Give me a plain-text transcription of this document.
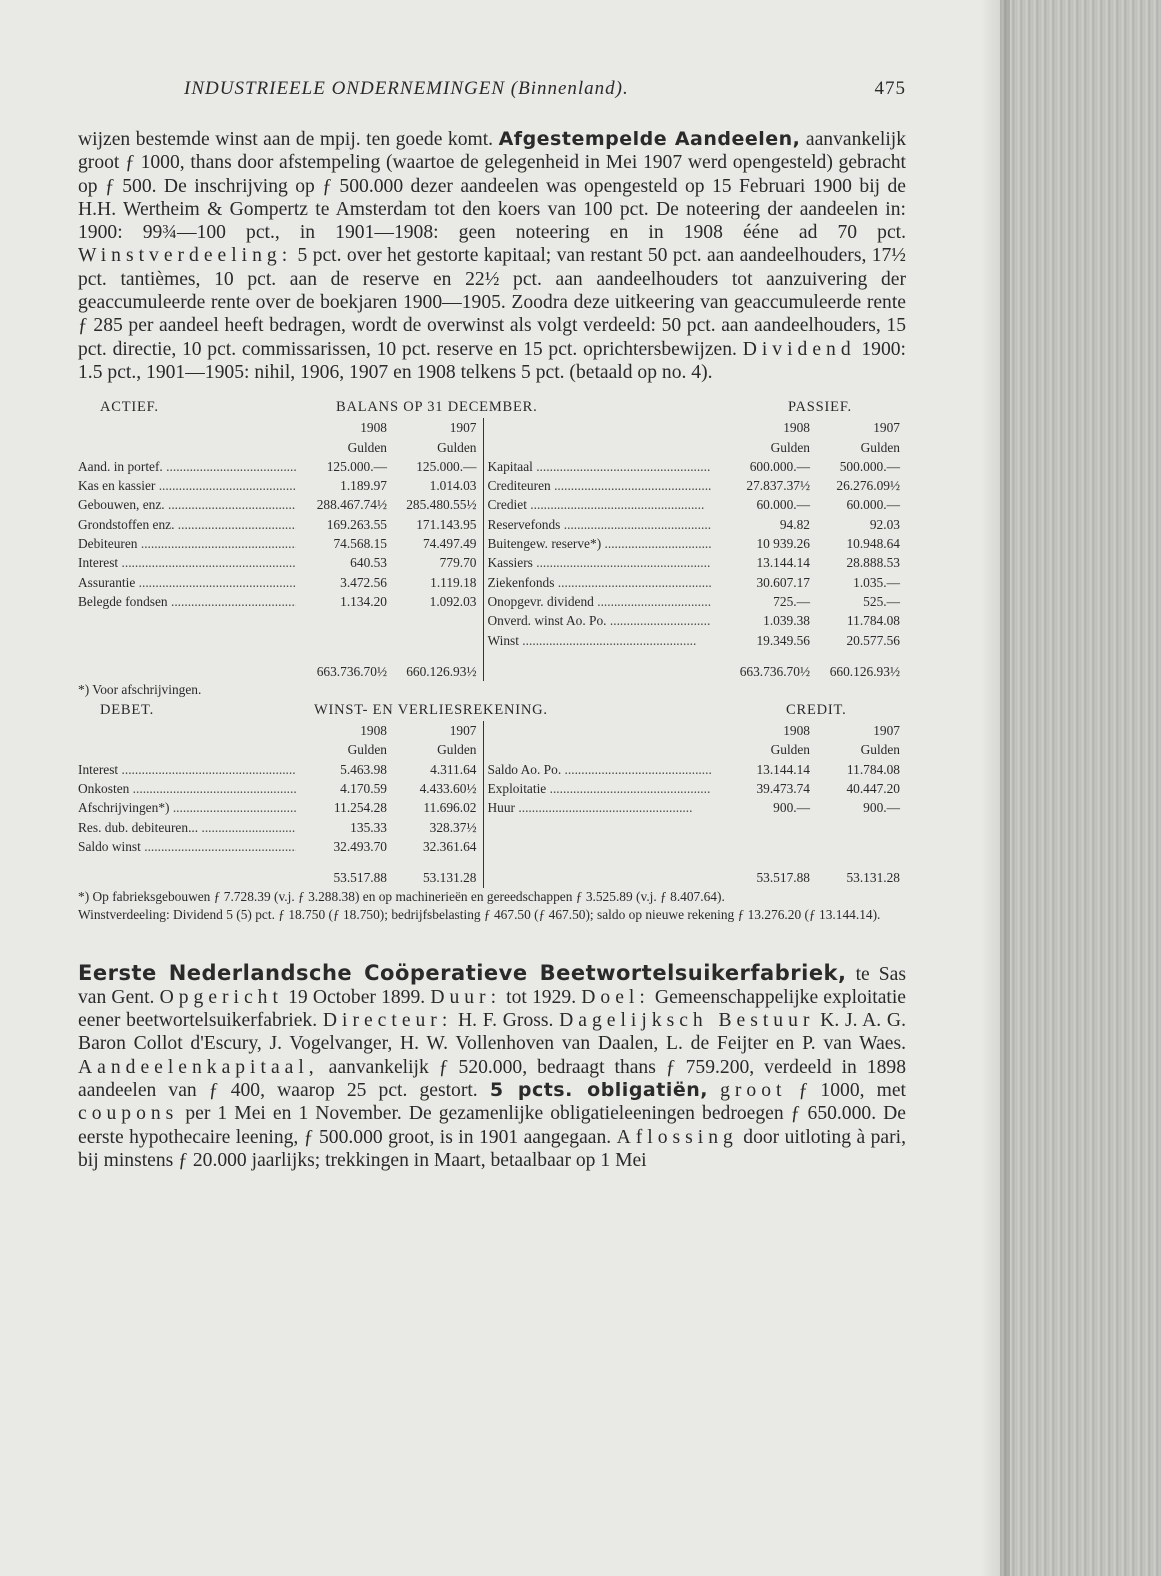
INDUSTRIEELE ONDERNEMINGEN (Binnenland).	475

wijzen bestemde winst aan de mpij. ten goede komt. Afgestempelde Aandeelen, aanvankelijk groot ƒ 1000, thans door afstempeling (waartoe de gelegenheid in Mei 1907 werd opengesteld) gebracht op ƒ 500. De inschrijving op ƒ 500.000 dezer aandeelen was opengesteld op 15 Februari 1900 bij de H.H. Wertheim & Gompertz te Amsterdam tot den koers van 100 pct. De noteering der aandeelen in: 1900: 99¾—100 pct., in 1901—1908: geen noteering en in 1908 ééne ad 70 pct. Winstverdeeling: 5 pct. over het gestorte kapitaal; van restant 50 pct. aan aandeelhouders, 17½ pct. tantièmes, 10 pct. aan de reserve en 22½ pct. aan aandeelhouders tot aanzuivering der geaccumuleerde rente over de boekjaren 1900—1905. Zoodra deze uitkeering van geaccumuleerde rente ƒ 285 per aandeel heeft bedragen, wordt de overwinst als volgt verdeeld: 50 pct. aan aandeelhouders, 15 pct. directie, 10 pct. commissarissen, 10 pct. reserve en 15 pct. oprichtersbewijzen. Dividend 1900: 1.5 pct., 1901—1905: nihil, 1906, 1907 en 1908 telkens 5 pct. (betaald op no. 4).

ACTIEF.	BALANS OP 31 DECEMBER.	PASSIEF.
	1908	1907		1908	1907
	Gulden	Gulden		Gulden	Gulden
Aand. in portef. .....	125.000.—	125.000.—	Kapitaal .....	600.000.—	500.000.—
Kas en kassier .....	1.189.97	1.014.03	Crediteuren .....	27.837.37½	26.276.09½
Gebouwen, enz. .....	288.467.74½	285.480.55½	Crediet .....	60.000.—	60.000.—
Grondstoffen enz. .....	169.263.55	171.143.95	Reservefonds .....	94.82	92.03
Debiteuren .....	74.568.15	74.497.49	Buitengew. reserve*) .....	10 939.26	10.948.64
Interest .....	640.53	779.70	Kassiers .....	13.144.14	28.888.53
Assurantie .....	3.472.56	1.119.18	Ziekenfonds .....	30.607.17	1.035.—
Belegde fondsen .....	1.134.20	1.092.03	Onopgevr. dividend .....	725.—	525.—
			Onverd. winst Ao. Po. .....	1.039.38	11.784.08
			Winst .....	19.349.56	20.577.56
	663.736.70½	660.126.93½		663.736.70½	660.126.93½

*) Voor afschrijvingen.

DEBET.	WINST- EN VERLIESREKENING.	CREDIT.
	1908	1907		1908	1907
	Gulden	Gulden		Gulden	Gulden
Interest .....	5.463.98	4.311.64	Saldo Ao. Po. .....	13.144.14	11.784.08
Onkosten .....	4.170.59	4.433.60½	Exploitatie .....	39.473.74	40.447.20
Afschrijvingen*) .....	11.254.28	11.696.02	Huur .....	900.—	900.—
Res. dub. debiteuren... .....	135.33	328.37½			
Saldo winst .....	32.493.70	32.361.64			
	53.517.88	53.131.28		53.517.88	53.131.28

*) Op fabrieksgebouwen ƒ 7.728.39 (v.j. ƒ 3.288.38) en op machinerieën en gereedschappen ƒ 3.525.89 (v.j. ƒ 8.407.64).

Winstverdeeling: Dividend 5 (5) pct. ƒ 18.750 (ƒ 18.750); bedrijfsbelasting ƒ 467.50 (ƒ 467.50); saldo op nieuwe rekening ƒ 13.276.20 (ƒ 13.144.14).

Eerste Nederlandsche Coöperatieve Beetwortelsuikerfabriek, te Sas van Gent. Opgericht 19 October 1899. Duur: tot 1929. Doel: Gemeenschappelijke exploitatie eener beetwortelsuikerfabriek. Directeur: H. F. Gross. Dagelijksch Bestuur K. J. A. G. Baron Collot d'Escury, J. Vogelvanger, H. W. Vollenhoven van Daalen, L. de Feijter en P. van Waes. Aandeelenkapitaal, aanvankelijk ƒ 520.000, bedraagt thans ƒ 759.200, verdeeld in 1898 aandeelen van ƒ 400, waarop 25 pct. gestort. 5 pcts. obligatiën, groot ƒ 1000, met coupons per 1 Mei en 1 November. De gezamenlijke obligatieleeningen bedroegen ƒ 650.000. De eerste hypothecaire leening, ƒ 500.000 groot, is in 1901 aangegaan. Aflossing door uitloting à pari, bij minstens ƒ 20.000 jaarlijks; trekkingen in Maart, betaalbaar op 1 Mei
